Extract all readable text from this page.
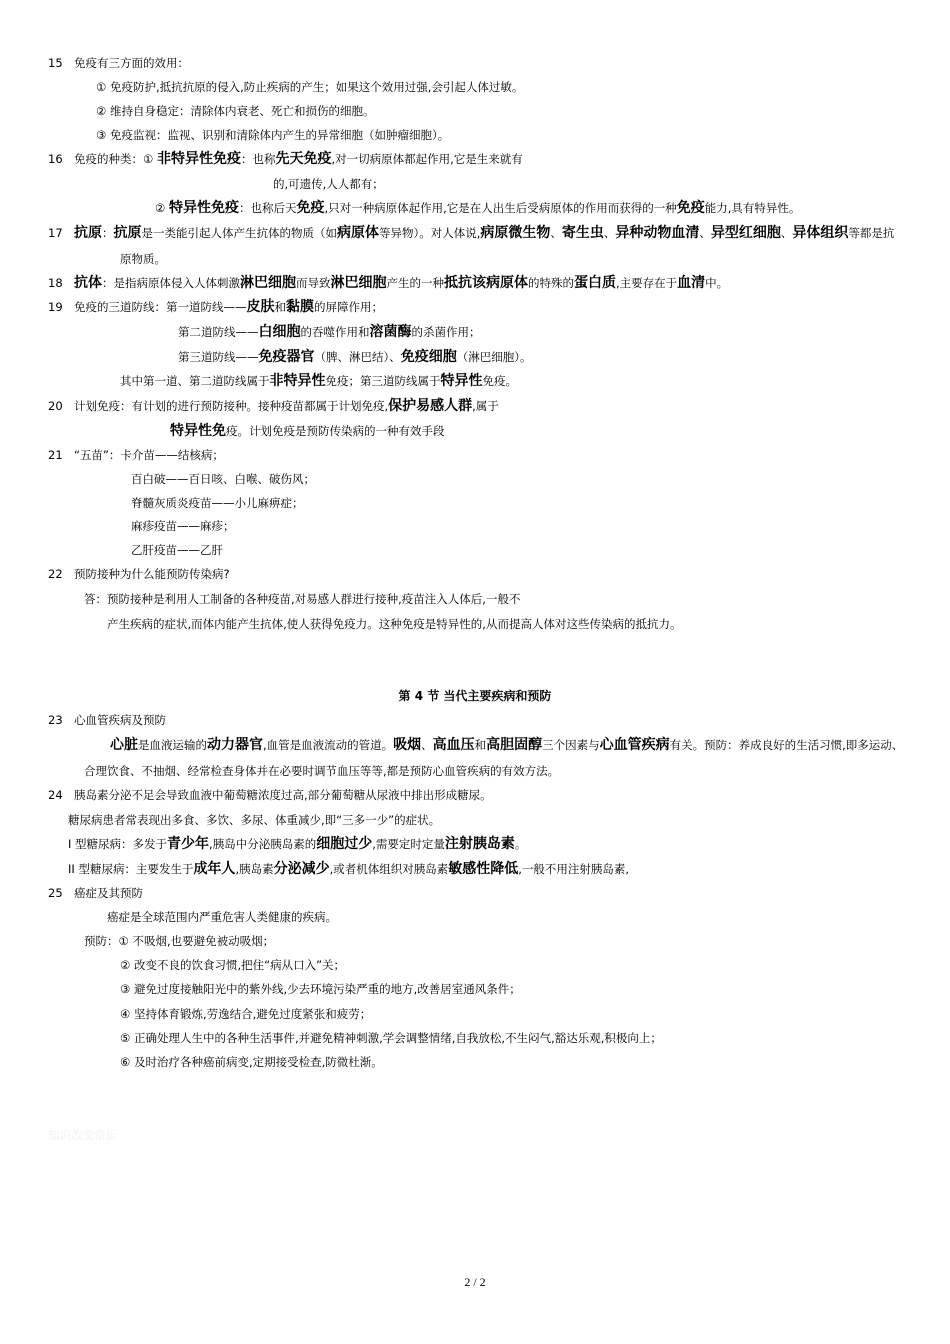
15 免疫有三方面的效用：
① 免疫防护,抵抗抗原的侵入,防止疾病的产生；如果这个效用过强,会引起人体过敏。
② 维持自身稳定：清除体内衰老、死亡和损伤的细胞。
③ 免疫监视：监视、识别和清除体内产生的异常细胞（如肿瘤细胞）。
16 免疫的种类：① 非特异性免疫：也称先天免疫,对一切病原体都起作用,它是生来就有
的,可遗传,人人都有；
② 特异性免疫：也称后天免疫,只对一种病原体起作用,它是在人出生后受病原体的作用而获得的一种免疫能力,具有特异性。
17 抗原：抗原是一类能引起人体产生抗体的物质（如病原体等异物）。对人体说,病原微生物、寄生虫、异种动物血清、异型红细胞、异体组织等都是抗
原物质。
18 抗体：是指病原体侵入人体刺激淋巴细胞而导致淋巴细胞产生的一种抵抗该病原体的特殊的蛋白质,主要存在于血清中。
19 免疫的三道防线：第一道防线——皮肤和黏膜的屏障作用；
第二道防线——白细胞的吞噬作用和溶菌酶的杀菌作用；
第三道防线——免疫器官（脾、淋巴结）、免疫细胞（淋巴细胞）。
其中第一道、第二道防线属于非特异性免疫；第三道防线属于特异性免疫。
20 计划免疫：有计划的进行预防接种。接种疫苗都属于计划免疫,保护易感人群,属于
特异性免疫。计划免疫是预防传染病的一种有效手段
21 “五苗”：卡介苗——结核病；
百白破——百日咳、白喉、破伤风；
脊髓灰质炎疫苗——小儿麻痹症；
麻疹疫苗——麻疹；
乙肝疫苗——乙肝
22 预防接种为什么能预防传染病?
答：预防接种是利用人工制备的各种疫苗,对易感人群进行接种,疫苗注入人体后,一般不
产生疾病的症状,而体内能产生抗体,使人获得免疫力。这种免疫是特异性的,从而提高人体对这些传染病的抵抗力。
第 4 节 当代主要疾病和预防
23 心血管疾病及预防
心脏是血液运输的动力器官,血管是血液流动的管道。吸烟、高血压和高胆固醇三个因素与心血管疾病有关。预防：养成良好的生活习惯,即多运动、
合理饮食、不抽烟、经常检查身体并在必要时调节血压等等,都是预防心血管疾病的有效方法。
24 胰岛素分泌不足会导致血液中葡萄糖浓度过高,部分葡萄糖从尿液中排出形成糖尿。
糖尿病患者常表现出多食、多饮、多尿、体重减少,即“三多一少”的症状。
I 型糖尿病：多发于青少年,胰岛中分泌胰岛素的细胞过少,需要定时定量注射胰岛素。
II 型糖尿病：主要发生于成年人,胰岛素分泌减少,或者机体组织对胰岛素敏感性降低,一般不用注射胰岛素,
25 癌症及其预防
癌症是全球范围内严重危害人类健康的疾病。
预防：① 不吸烟,也要避免被动吸烟；
② 改变不良的饮食习惯,把住“病从口入”关；
③ 避免过度接触阳光中的紫外线,少去环境污染严重的地方,改善居室通风条件；
④ 坚持体育锻炼,劳逸结合,避免过度紧张和疲劳；
⑤ 正确处理人生中的各种生活事件,并避免精神刺激,学会调整情绪,自我放松,不生闷气,豁达乐观,积极向上；
⑥ 及时治疗各种癌前病变,定期接受检查,防微杜渐。
知识改变命运
2 / 2
